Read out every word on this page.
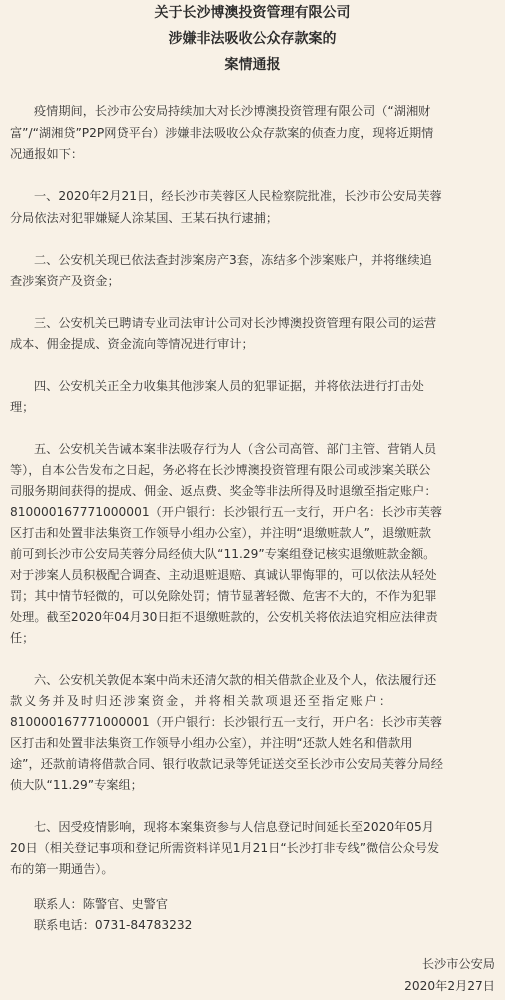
关于长沙博澳投资管理有限公司
涉嫌非法吸收公众存款案的
案情通报
疫情期间，长沙市公安局持续加大对长沙博澳投资管理有限公司（“湖湘财
富”/“湖湘贷”P2P网贷平台）涉嫌非法吸收公众存款案的侦查力度，现将近期情
况通报如下：
一、2020年2月21日，经长沙市芙蓉区人民检察院批准，长沙市公安局芙蓉
分局依法对犯罪嫌疑人涂某国、王某石执行逮捕；
二、公安机关现已依法查封涉案房产3套，冻结多个涉案账户，并将继续追
查涉案资产及资金；
三、公安机关已聘请专业司法审计公司对长沙博澳投资管理有限公司的运营
成本、佣金提成、资金流向等情况进行审计；
四、公安机关正全力收集其他涉案人员的犯罪证据，并将依法进行打击处
理；
五、公安机关告诫本案非法吸存行为人（含公司高管、部门主管、营销人员
等），自本公告发布之日起，务必将在长沙博澳投资管理有限公司或涉案关联公
司服务期间获得的提成、佣金、返点费、奖金等非法所得及时退缴至指定账户：
810000167771000001（开户银行：长沙银行五一支行，开户名：长沙市芙蓉
区打击和处置非法集资工作领导小组办公室），并注明“退缴赃款人”，退缴赃款
前可到长沙市公安局芙蓉分局经侦大队“11.29”专案组登记核实退缴赃款金额。
对于涉案人员积极配合调查、主动退赃退赔、真诚认罪悔罪的，可以依法从轻处
罚；其中情节轻微的，可以免除处罚；情节显著轻微、危害不大的，不作为犯罪
处理。截至2020年04月30日拒不退缴赃款的，公安机关将依法追究相应法律责
任；
六、公安机关敦促本案中尚未还清欠款的相关借款企业及个人，依法履行还
款义务并及时归还涉案资金，并将相关款项退还至指定账户：
810000167771000001（开户银行：长沙银行五一支行，开户名：长沙市芙蓉
区打击和处置非法集资工作领导小组办公室），并注明“还款人姓名和借款用
途”，还款前请将借款合同、银行收款记录等凭证送交至长沙市公安局芙蓉分局经
侦大队“11.29”专案组；
七、因受疫情影响，现将本案集资参与人信息登记时间延长至2020年05月
20日（相关登记事项和登记所需资料详见1月21日“长沙打非专线”微信公众号发
布的第一期通告）。
联系人：陈警官、史警官
联系电话：0731-84783232
长沙市公安局
2020年2月27日
